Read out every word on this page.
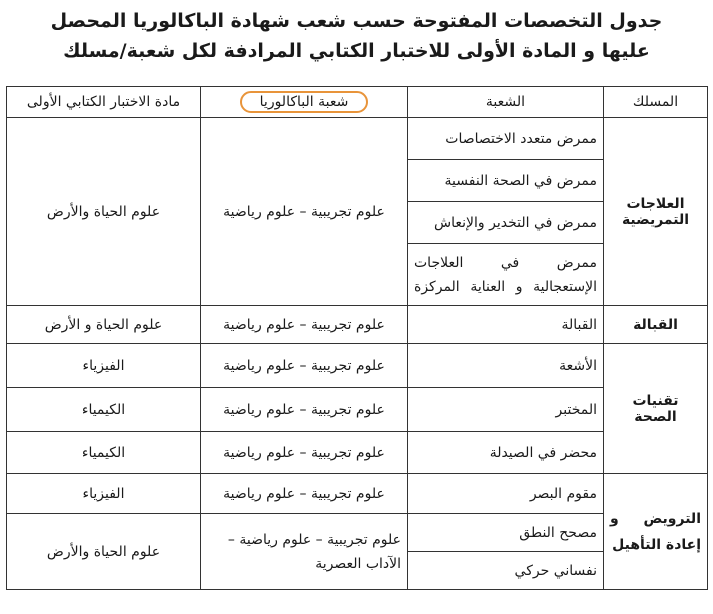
جدول التخصصات المفتوحة حسب شعب شهادة الباكالوريا المحصل
عليها و المادة الأولى للاختبار الكتابي المرادفة لكل شعبة/مسلك
المسلك	الشعبة	شعبة الباكالوريا	مادة الاختبار الكتابي الأولى
العلاجات التمريضية	ممرض متعدد الاختصاصات	علوم تجريبية – علوم رياضية	علوم الحياة والأرض
	ممرض في الصحة النفسية		
	ممرض في التخدير والإنعاش		
	ممرض في العلاجات الإستعجالية و العناية المركزة		
القبالة	القبالة	علوم تجريبية – علوم رياضية	علوم الحياة و الأرض
تقنيات الصحة	الأشعة	علوم تجريبية – علوم رياضية	الفيزياء
	المختبر	علوم تجريبية – علوم رياضية	الكيمياء
	محضر في الصيدلة	علوم تجريبية – علوم رياضية	الكيمياء

الترويض و إعادة التأهيل	مقوم البصر	علوم تجريبية – علوم رياضية	الفيزياء
	مصحح النطق	علوم تجريبية – علوم رياضية – الآداب العصرية	علوم الحياة والأرض
	نفساني حركي		
